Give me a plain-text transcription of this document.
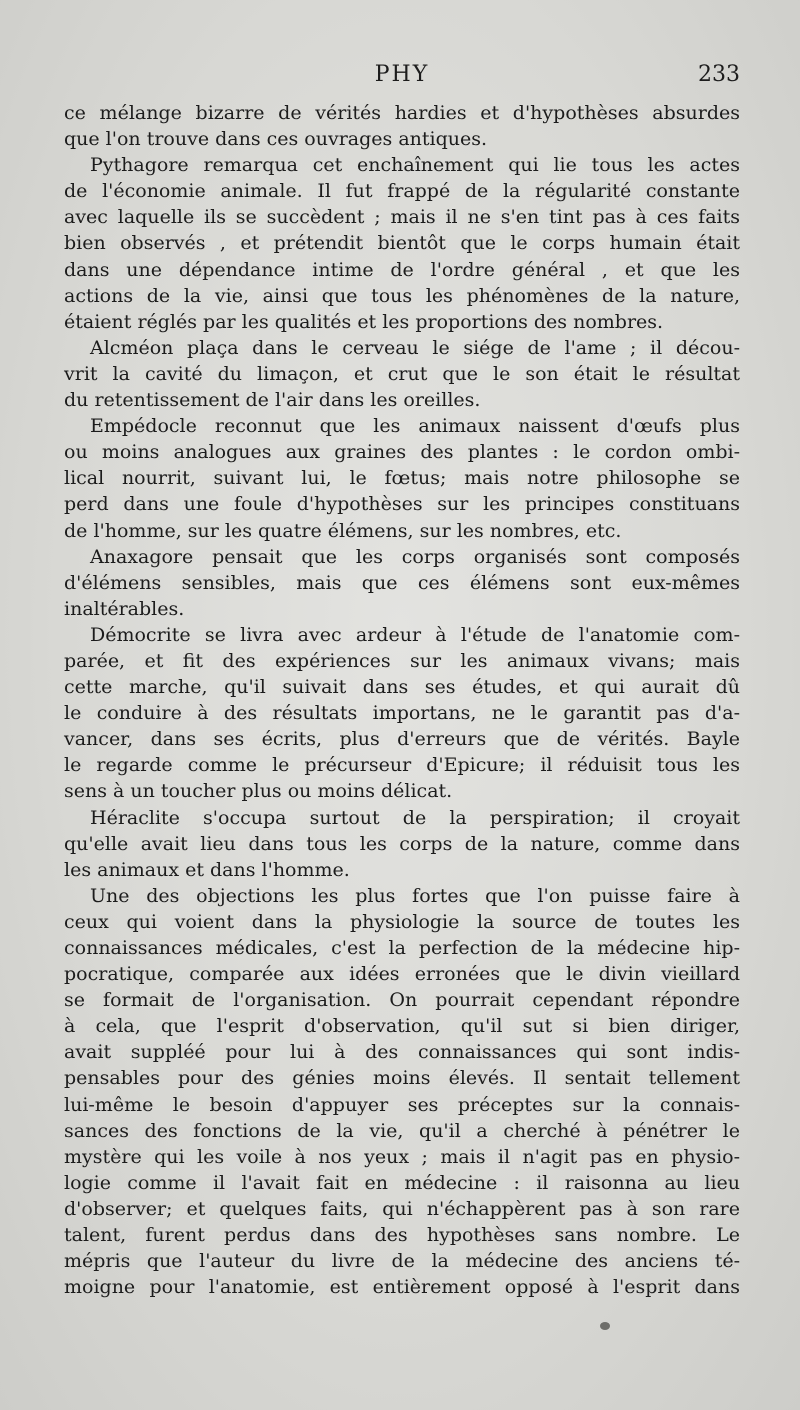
PHY	233
ce mélange bizarre de vérités hardies et d'hypothèses absurdes
que l'on trouve dans ces ouvrages antiques.
Pythagore remarqua cet enchaînement qui lie tous les actes
de l'économie animale. Il fut frappé de la régularité constante
avec laquelle ils se succèdent ; mais il ne s'en tint pas à ces faits
bien observés , et prétendit bientôt que le corps humain était
dans une dépendance intime de l'ordre général , et que les
actions de la vie, ainsi que tous les phénomènes de la nature,
étaient réglés par les qualités et les proportions des nombres.
Alcméon plaça dans le cerveau le siége de l'ame ; il décou-
vrit la cavité du limaçon, et crut que le son était le résultat
du retentissement de l'air dans les oreilles.
Empédocle reconnut que les animaux naissent d'œufs plus
ou moins analogues aux graines des plantes : le cordon ombi-
lical nourrit, suivant lui, le fœtus; mais notre philosophe se
perd dans une foule d'hypothèses sur les principes constituans
de l'homme, sur les quatre élémens, sur les nombres, etc.
Anaxagore pensait que les corps organisés sont composés
d'élémens sensibles, mais que ces élémens sont eux-mêmes
inaltérables.
Démocrite se livra avec ardeur à l'étude de l'anatomie com-
parée, et fit des expériences sur les animaux vivans; mais
cette marche, qu'il suivait dans ses études, et qui aurait dû
le conduire à des résultats importans, ne le garantit pas d'a-
vancer, dans ses écrits, plus d'erreurs que de vérités. Bayle
le regarde comme le précurseur d'Epicure; il réduisit tous les
sens à un toucher plus ou moins délicat.
Héraclite s'occupa surtout de la perspiration; il croyait
qu'elle avait lieu dans tous les corps de la nature, comme dans
les animaux et dans l'homme.
Une des objections les plus fortes que l'on puisse faire à
ceux qui voient dans la physiologie la source de toutes les
connaissances médicales, c'est la perfection de la médecine hip-
pocratique, comparée aux idées erronées que le divin vieillard
se formait de l'organisation. On pourrait cependant répondre
à cela, que l'esprit d'observation, qu'il sut si bien diriger,
avait suppléé pour lui à des connaissances qui sont indis-
pensables pour des génies moins élevés. Il sentait tellement
lui-même le besoin d'appuyer ses préceptes sur la connais-
sances des fonctions de la vie, qu'il a cherché à pénétrer le
mystère qui les voile à nos yeux ; mais il n'agit pas en physio-
logie comme il l'avait fait en médecine : il raisonna au lieu
d'observer; et quelques faits, qui n'échappèrent pas à son rare
talent, furent perdus dans des hypothèses sans nombre. Le
mépris que l'auteur du livre de la médecine des anciens té-
moigne pour l'anatomie, est entièrement opposé à l'esprit dans
